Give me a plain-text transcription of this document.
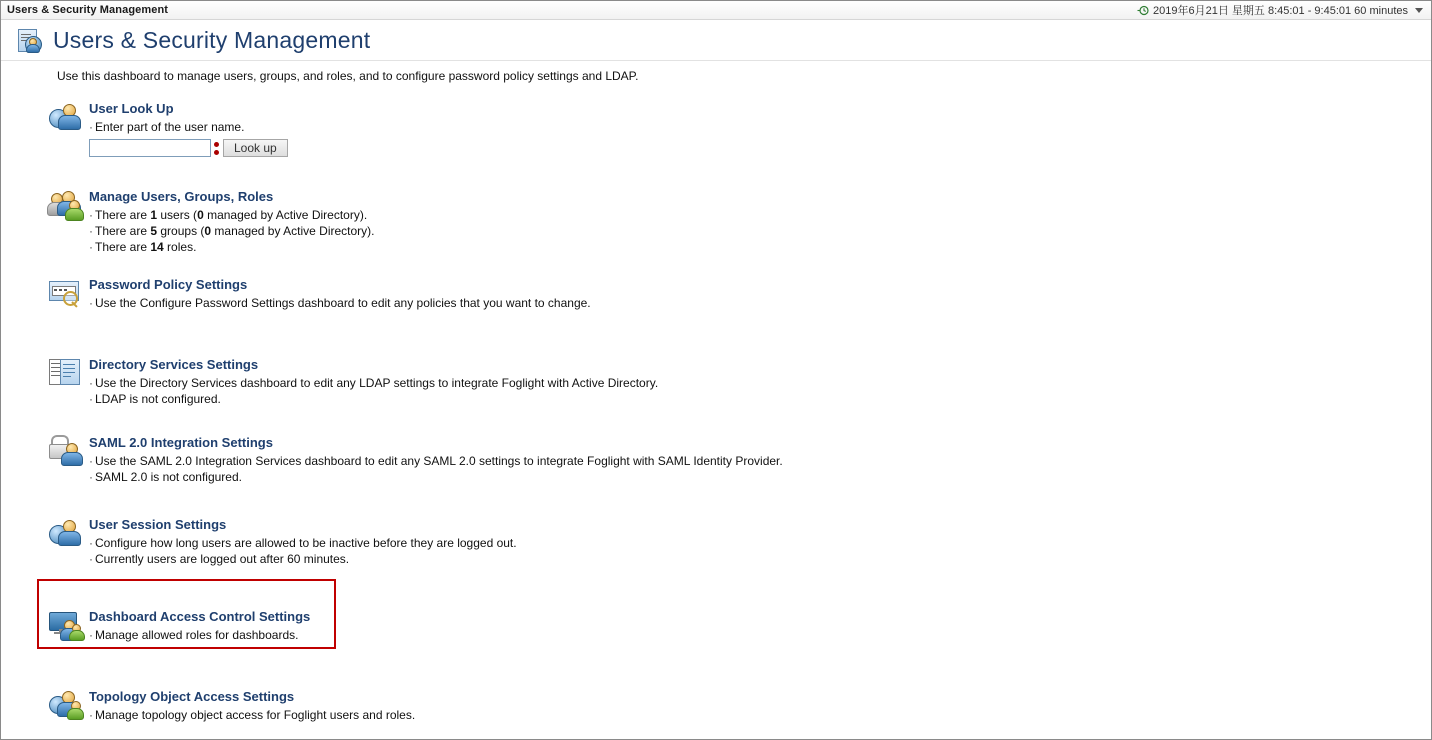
Users & Security Management	2019年6月21日 星期五 8:45:01 - 9:45:01 60 minutes
Users & Security Management
Use this dashboard to manage users, groups, and roles, and to configure password policy settings and LDAP.
User Look Up
· Enter part of the user name.
Look up
Manage Users, Groups, Roles
· There are 1 users (0 managed by Active Directory).
· There are 5 groups (0 managed by Active Directory).
· There are 14 roles.
Password Policy Settings
· Use the Configure Password Settings dashboard to edit any policies that you want to change.
Directory Services Settings
· Use the Directory Services dashboard to edit any LDAP settings to integrate Foglight with Active Directory.
· LDAP is not configured.
SAML 2.0 Integration Settings
· Use the SAML 2.0 Integration Services dashboard to edit any SAML 2.0 settings to integrate Foglight with SAML Identity Provider.
· SAML 2.0 is not configured.
User Session Settings
· Configure how long users are allowed to be inactive before they are logged out.
· Currently users are logged out after 60 minutes.
Dashboard Access Control Settings
· Manage allowed roles for dashboards.
Topology Object Access Settings
· Manage topology object access for Foglight users and roles.
